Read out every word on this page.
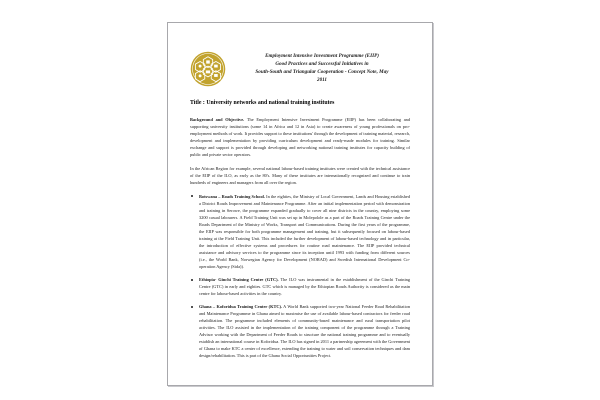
Employment Intensive Investment Programme (EIIP)
Good Practices and Successful Initiatives in
South-South and Triangular Cooperation - Concept Note, May
2011
Title : University networks and national training institutes

Background and Objective. The Employment Intensive Investment Programme (EIIP) has been collaborating and supporting university institutions (some 14 in Africa and 12 in Asia) to create awareness of young professionals on pro-employment methods of work. It provides support to these institutions' through the development of training material, research, development and implementation by providing curriculum development and ready-made modules for training. Similar exchange and support is provided through developing and networking national training institutes for capacity building of public and private sector operators.

In the African Region for example, several national labour-based training institutes were created with the technical assistance of the EIIP of the ILO, as early as the 80's. Many of these institutes are internationally recognized and continue to train hundreds of engineers and managers from all over the region.

Botswana – Roads Training School. In the eighties, the Ministry of Local Government, Lands and Housing established a District Roads Improvement and Maintenance Programme. After an initial implementation period with demonstration and training in Serowe, the programme expanded gradually to cover all nine districts in the country, employing some 3200 casual labourers. A Field Training Unit was set up in Molepolole as a part of the Roads Training Centre under the Roads Department of the Ministry of Works, Transport and Communications. During the first years of the programme, the EIIP was responsible for both programme management and training, but it subsequently focused on labour-based training at the Field Training Unit. This included the further development of labour-based technology and in particular, the introduction of effective systems and procedures for routine road maintenance. The EIIP provided technical assistance and advisory services to the programme since its inception until 1993 with funding from different sources (i.e., the World Bank, Norwegian Agency for Development (NORAD) and Swedish International Development Co-operation Agency (Sida)).
Ethiopia- Ginchi Training Centre (GTC). The ILO was instrumental in the establishment of the Ginchi Training Centre (GTC) in early and eighties. GTC which is managed by the Ethiopian Roads Authority is considered as the main centre for labour-based activities in the country.
Ghana – Koforidua Training Center (KTC). A World Bank supported two-year National Feeder Road Rehabilitation and Maintenance Programme in Ghana aimed to maximise the use of available labour-based contractors for feeder road rehabilitation. The programme included elements of community-based maintenance and rural transportation pilot activities. The ILO assisted in the implementation of the training component of the programme through a Training Advisor working with the Department of Feeder Roads to structure the national training programme and to eventually establish an international course in Koforidua. The ILO has signed in 2011 a partnership agreement with the Government of Ghana to make KTC a center of excellence, extending the training to water and soil conservation techniques and dam design/rehabilitation. This is part of the Ghana Social Opportunities Project.
